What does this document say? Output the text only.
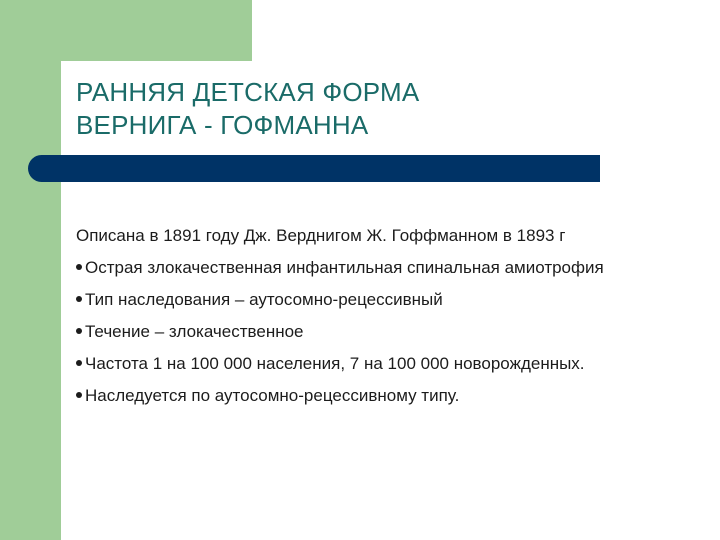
РАННЯЯ ДЕТСКАЯ ФОРМА
ВЕРНИГА - ГОФМАННА
Описана в 1891 году Дж. Верднигом Ж. Гоффманном в 1893 г
Острая злокачественная инфантильная спинальная амиотрофия
Тип наследования – аутосомно-рецессивный
Течение – злокачественное
Частота 1 на 100 000 населения, 7 на 100 000 новорожденных.
Наследуется по аутосомно-рецессивному типу.
